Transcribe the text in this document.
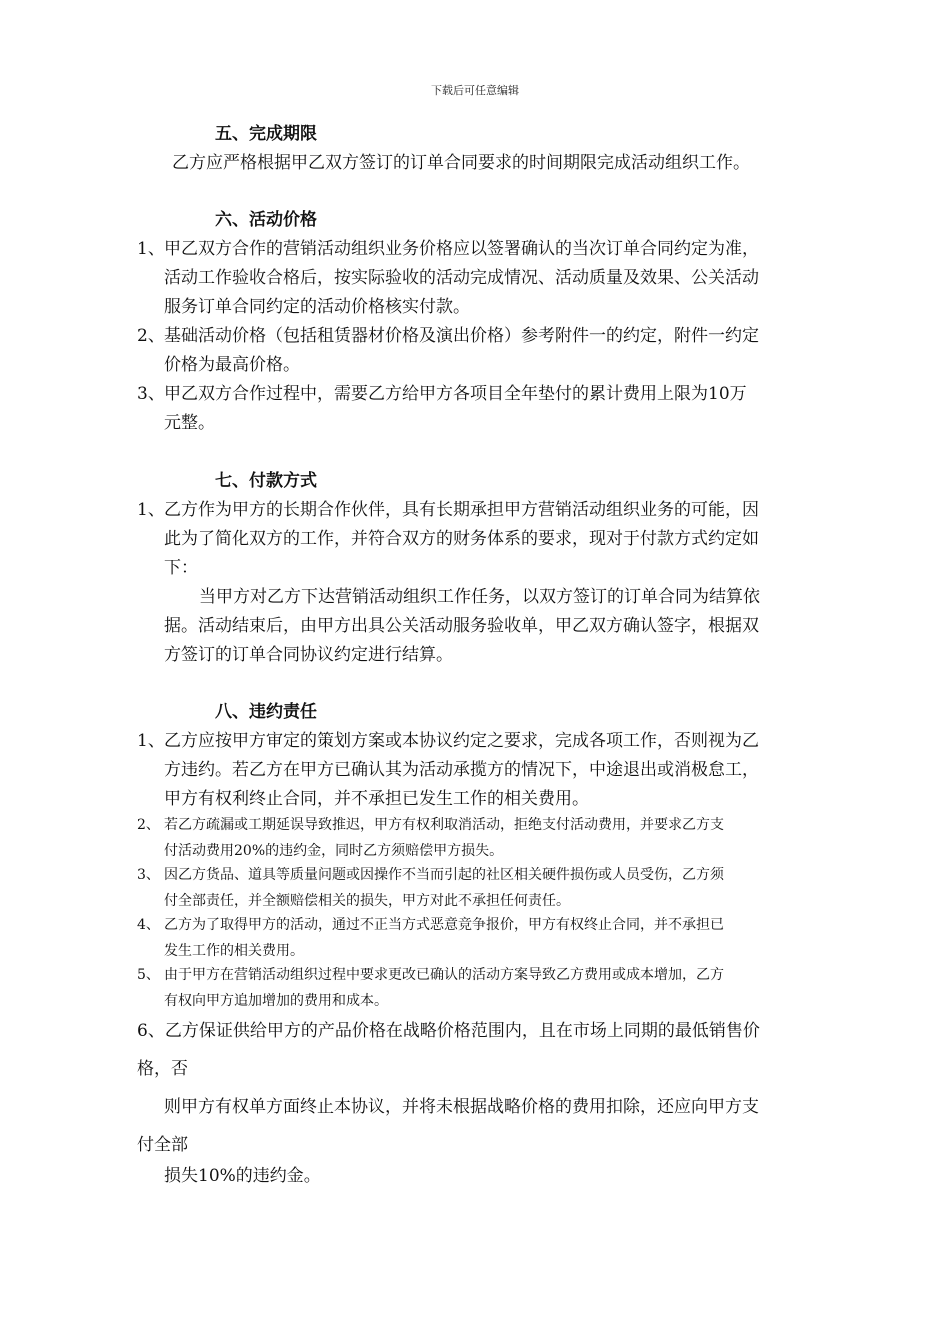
下载后可任意编辑
五、完成期限
乙方应严格根据甲乙双方签订的订单合同要求的时间期限完成活动组织工作。
六、活动价格
1、甲乙双方合作的营销活动组织业务价格应以签署确认的当次订单合同约定为准，
活动工作验收合格后，按实际验收的活动完成情况、活动质量及效果、公关活动
服务订单合同约定的活动价格核实付款。
2、基础活动价格（包括租赁器材价格及演出价格）参考附件一的约定，附件一约定
价格为最高价格。
3、甲乙双方合作过程中，需要乙方给甲方各项目全年垫付的累计费用上限为10万
元整。
七、付款方式
1、乙方作为甲方的长期合作伙伴，具有长期承担甲方营销活动组织业务的可能，因
此为了简化双方的工作，并符合双方的财务体系的要求，现对于付款方式约定如
下：
当甲方对乙方下达营销活动组织工作任务，以双方签订的订单合同为结算依
据。活动结束后，由甲方出具公关活动服务验收单，甲乙双方确认签字，根据双
方签订的订单合同协议约定进行结算。
八、违约责任
1、乙方应按甲方审定的策划方案或本协议约定之要求，完成各项工作，否则视为乙
方违约。若乙方在甲方已确认其为活动承揽方的情况下，中途退出或消极怠工，
甲方有权利终止合同，并不承担已发生工作的相关费用。
2、 若乙方疏漏或工期延误导致推迟，甲方有权利取消活动，拒绝支付活动费用，并要求乙方支
付活动费用20%的违约金，同时乙方须赔偿甲方损失。
3、 因乙方货品、道具等质量问题或因操作不当而引起的社区相关硬件损伤或人员受伤，乙方须
付全部责任，并全额赔偿相关的损失，甲方对此不承担任何责任。
4、 乙方为了取得甲方的活动，通过不正当方式恶意竞争报价，甲方有权终止合同，并不承担已
发生工作的相关费用。
5、 由于甲方在营销活动组织过程中要求更改已确认的活动方案导致乙方费用或成本增加，乙方
有权向甲方追加增加的费用和成本。
6、乙方保证供给甲方的产品价格在战略价格范围内，且在市场上同期的最低销售价
格，否
则甲方有权单方面终止本协议，并将未根据战略价格的费用扣除，还应向甲方支
付全部
损失10%的违约金。
